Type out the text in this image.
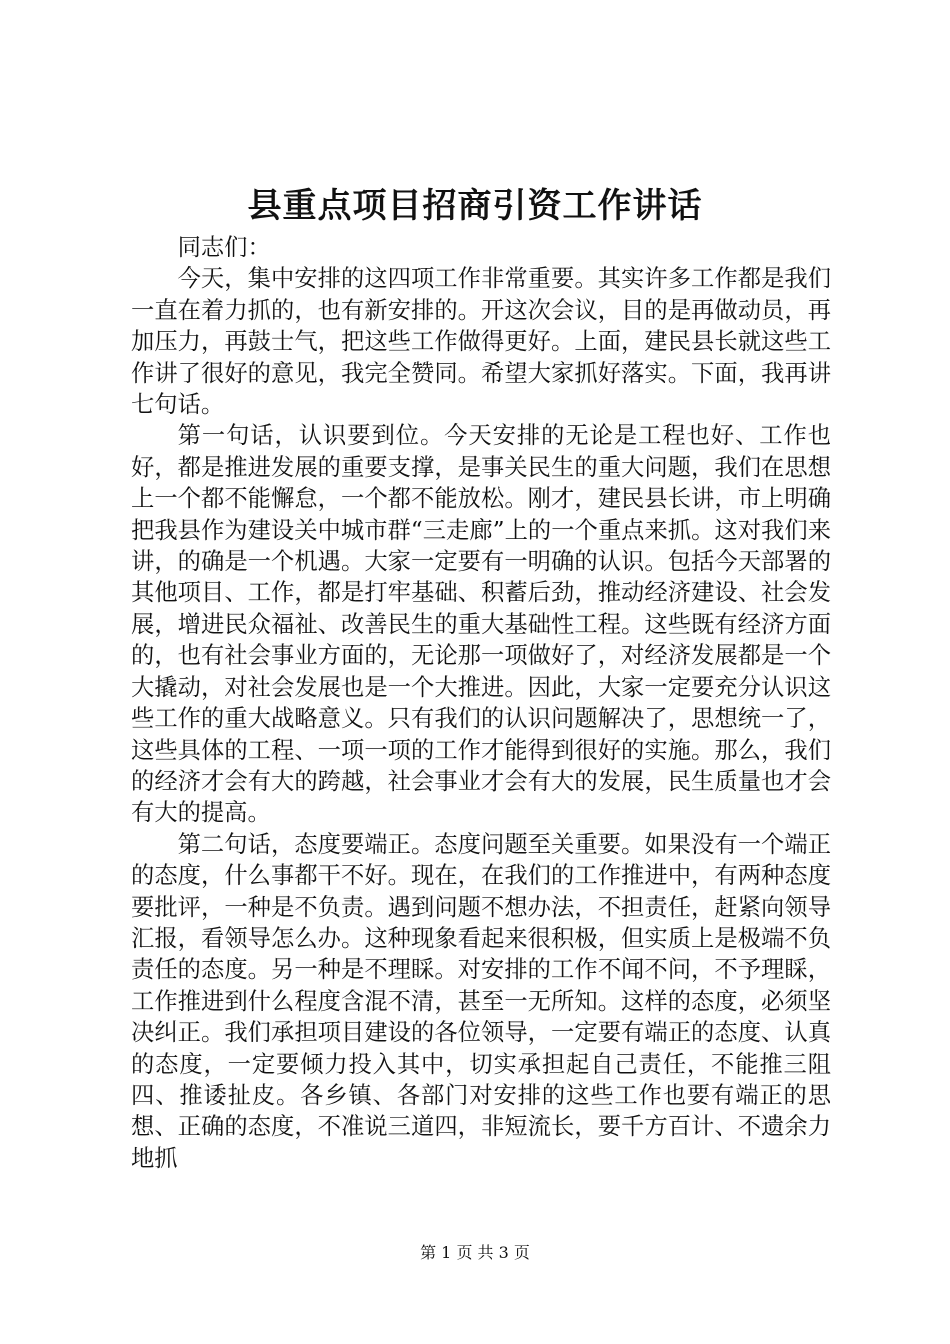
县重点项目招商引资工作讲话

同志们：

今天，集中安排的这四项工作非常重要。其实许多工作都是我们一直在着力抓的，也有新安排的。开这次会议，目的是再做动员，再加压力，再鼓士气，把这些工作做得更好。上面，建民县长就这些工作讲了很好的意见，我完全赞同。希望大家抓好落实。下面，我再讲七句话。

第一句话，认识要到位。今天安排的无论是工程也好、工作也好，都是推进发展的重要支撑，是事关民生的重大问题，我们在思想上一个都不能懈怠，一个都不能放松。刚才，建民县长讲，市上明确把我县作为建设关中城市群“三走廊”上的一个重点来抓。这对我们来讲，的确是一个机遇。大家一定要有一明确的认识。包括今天部署的其他项目、工作，都是打牢基础、积蓄后劲，推动经济建设、社会发展，增进民众福祉、改善民生的重大基础性工程。这些既有经济方面的，也有社会事业方面的，无论那一项做好了，对经济发展都是一个大撬动，对社会发展也是一个大推进。因此，大家一定要充分认识这些工作的重大战略意义。只有我们的认识问题解决了，思想统一了，这些具体的工程、一项一项的工作才能得到很好的实施。那么，我们的经济才会有大的跨越，社会事业才会有大的发展，民生质量也才会有大的提高。

第二句话，态度要端正。态度问题至关重要。如果没有一个端正的态度，什么事都干不好。现在，在我们的工作推进中，有两种态度要批评，一种是不负责。遇到问题不想办法，不担责任，赶紧向领导汇报，看领导怎么办。这种现象看起来很积极，但实质上是极端不负责任的态度。另一种是不理睬。对安排的工作不闻不问，不予理睬，工作推进到什么程度含混不清，甚至一无所知。这样的态度，必须坚决纠正。我们承担项目建设的各位领导，一定要有端正的态度、认真的态度，一定要倾力投入其中，切实承担起自己责任，不能推三阻四、推诿扯皮。各乡镇、各部门对安排的这些工作也要有端正的思想、正确的态度，不准说三道四，非短流长，要千方百计、不遗余力地抓

第 1 页 共 3 页
